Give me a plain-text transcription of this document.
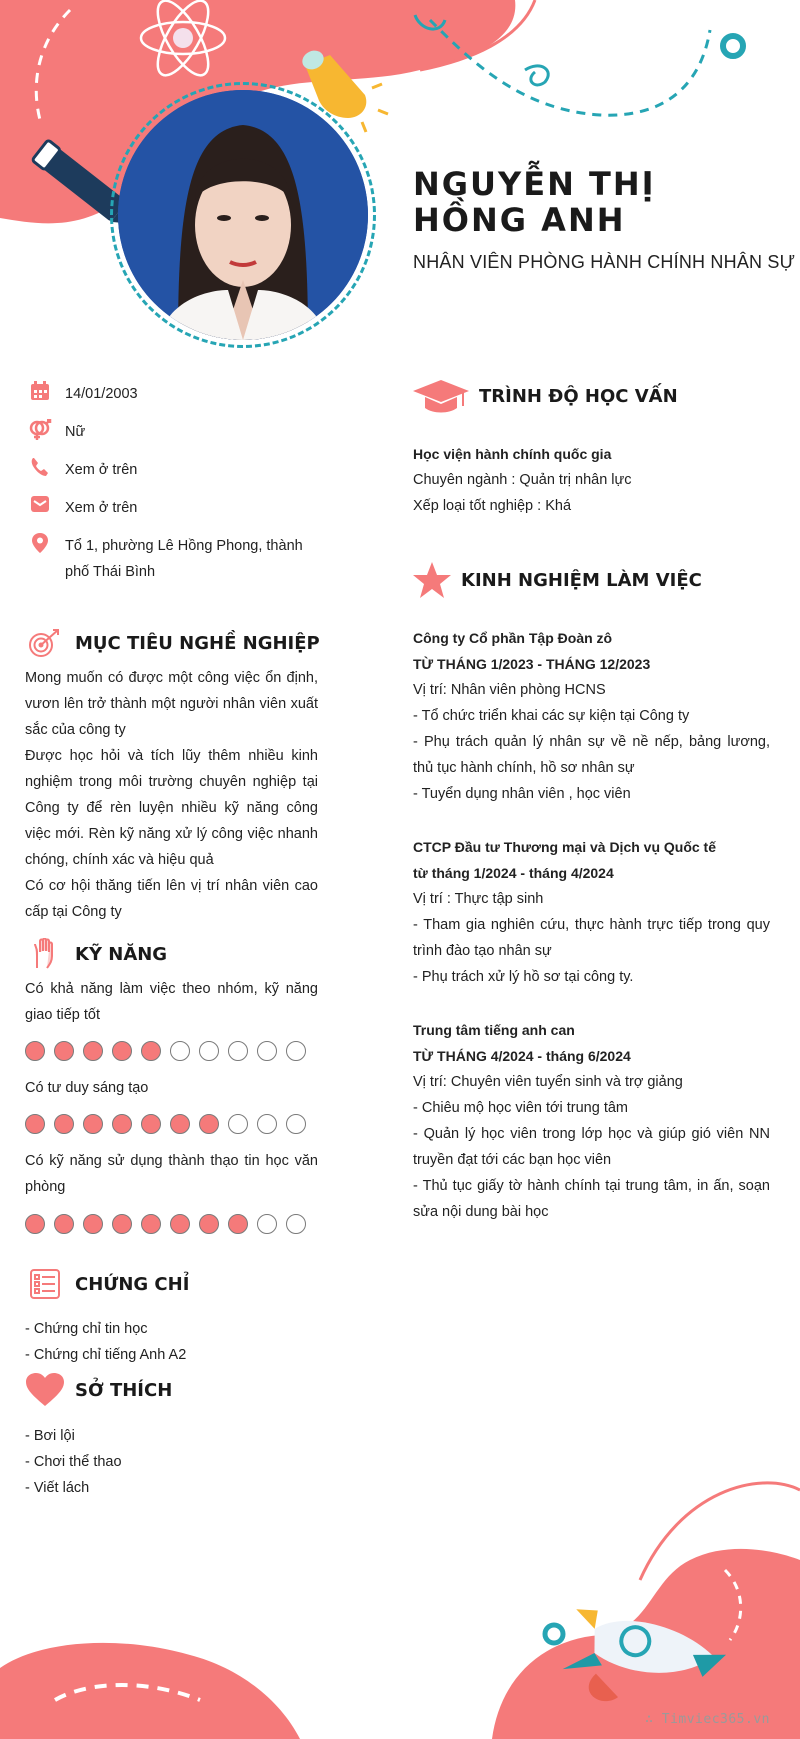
NGUYỄN THỊ HỒNG ANH
NHÂN VIÊN PHÒNG HÀNH CHÍNH NHÂN SỰ
14/01/2003
Nữ
Xem ở trên
Xem ở trên
Tổ 1, phường Lê Hồng Phong, thành phố Thái Bình
MỤC TIÊU NGHỀ NGHIỆP

Mong muốn có được một công việc ổn định, vươn lên trở thành một người nhân viên xuất sắc của công ty

Được học hỏi và tích lũy thêm nhiều kinh nghiệm trong môi trường chuyên nghiệp tại Công ty để rèn luyện nhiều kỹ năng công việc mới. Rèn kỹ năng xử lý công việc nhanh chóng, chính xác và hiệu quả

Có cơ hội thăng tiến lên vị trí nhân viên cao cấp tại Công ty

KỸ NĂNG
Có khả năng làm việc theo nhóm, kỹ năng giao tiếp tốt
Có tư duy sáng tạo
Có kỹ năng sử dụng thành thạo tin học văn phòng
CHỨNG CHỈ
- Chứng chỉ tin học
- Chứng chỉ tiếng Anh A2
SỞ THÍCH
- Bơi lội
- Chơi thể thao
- Viết lách
TRÌNH ĐỘ HỌC VẤN
Học viện hành chính quốc gia
Chuyên ngành : Quản trị nhân lực
Xếp loại tốt nghiệp : Khá
KINH NGHIỆM LÀM VIỆC
Công ty Cổ phần Tập Đoàn zô
TỪ THÁNG 1/2023 - THÁNG 12/2023
Vị trí: Nhân viên phòng HCNS
- Tổ chức triển khai các sự kiện tại Công ty
- Phụ trách quản lý nhân sự về nề nếp, bảng lương, thủ tục hành chính, hồ sơ nhân sự
- Tuyển dụng nhân viên , học viên
CTCP Đầu tư Thương mại và Dịch vụ Quốc tế
từ tháng 1/2024 - tháng 4/2024
Vị trí : Thực tập sinh
- Tham gia nghiên cứu, thực hành trực tiếp trong quy trình đào tạo nhân sự
- Phụ trách xử lý hồ sơ tại công ty.
Trung tâm tiếng anh can
TỪ THÁNG 4/2024 - tháng 6/2024
Vị trí: Chuyên viên tuyển sinh và trợ giảng
- Chiêu mộ học viên tới trung tâm
- Quản lý học viên trong lớp học và giúp gió viên NN truyền đạt tới các bạn học viên
- Thủ tục giấy tờ hành chính tại trung tâm, in ấn, soạn sửa nội dung bài học
∴ Timviec365.vn
